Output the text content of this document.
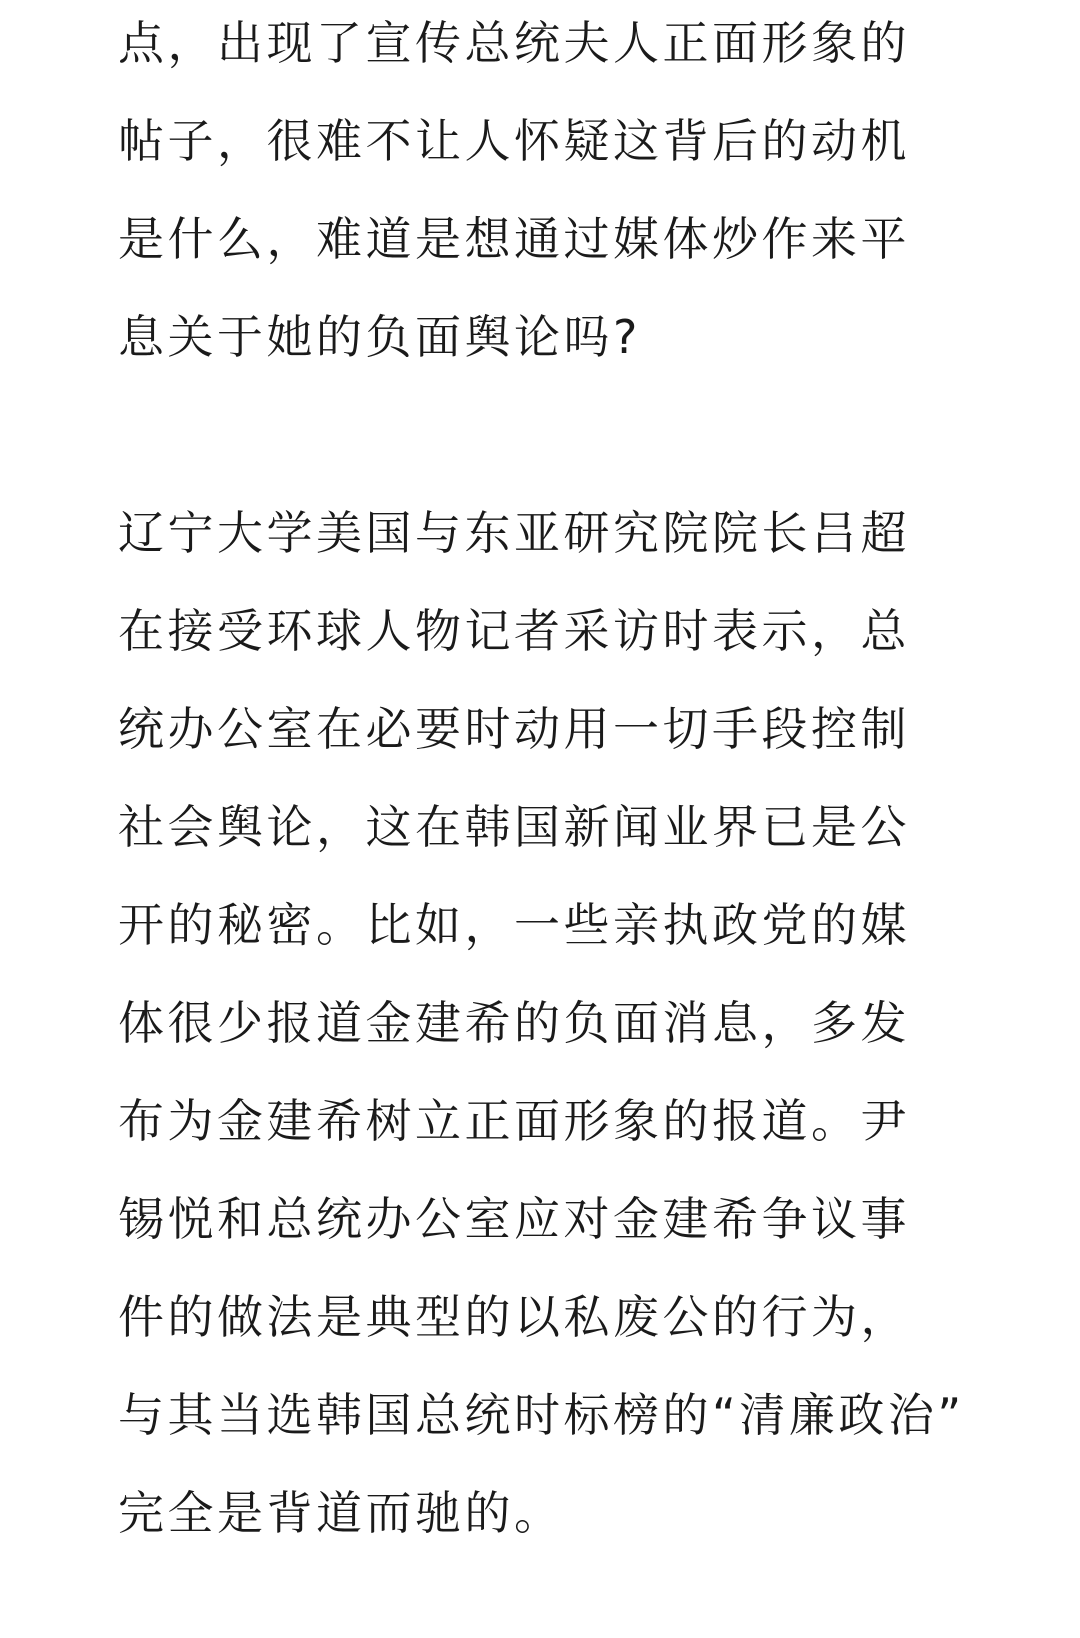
点，出现了宣传总统夫人正面形象的
帖子，很难不让人怀疑这背后的动机
是什么，难道是想通过媒体炒作来平
息关于她的负面舆论吗?

辽宁大学美国与东亚研究院院长吕超
在接受环球人物记者采访时表示，总
统办公室在必要时动用一切手段控制
社会舆论，这在韩国新闻业界已是公
开的秘密。比如，一些亲执政党的媒
体很少报道金建希的负面消息，多发
布为金建希树立正面形象的报道。尹
锡悦和总统办公室应对金建希争议事
件的做法是典型的以私废公的行为，
与其当选韩国总统时标榜的“清廉政治”
完全是背道而驰的。
